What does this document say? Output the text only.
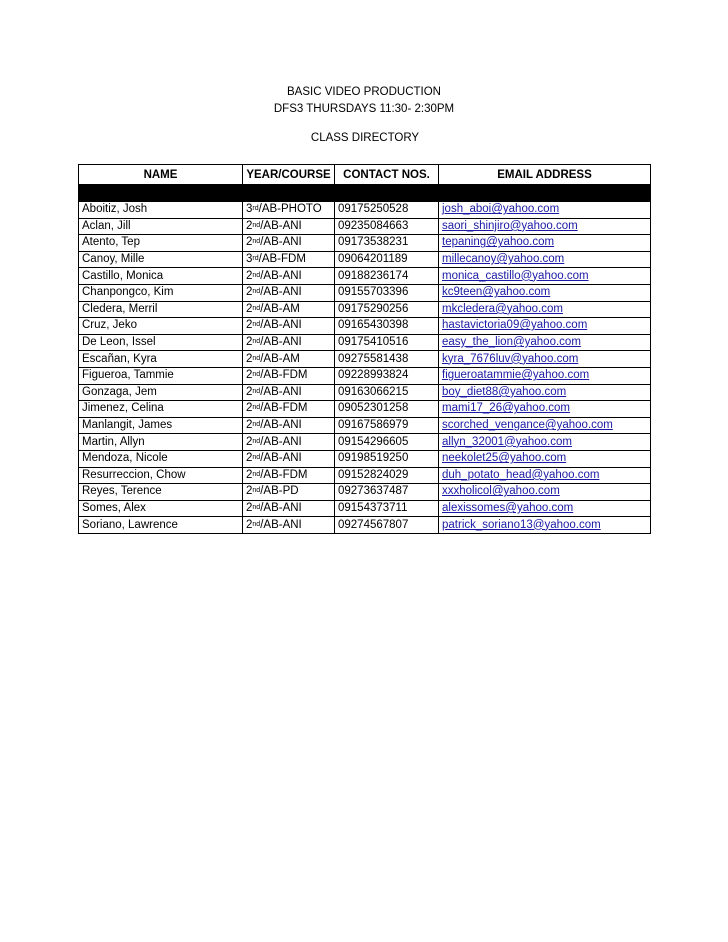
BASIC VIDEO PRODUCTION
DFS3 THURSDAYS 11:30- 2:30PM
CLASS DIRECTORY
NAME	YEAR/COURSE	CONTACT NOS.	EMAIL ADDRESS

Aboitiz, Josh	3rd/AB-PHOTO	09175250528	josh_aboi@yahoo.com
Aclan, Jill	2nd/AB-ANI	09235084663	saori_shinjiro@yahoo.com
Atento, Tep	2nd/AB-ANI	09173538231	tepaning@yahoo.com
Canoy, Mille	3rd/AB-FDM	09064201189	millecanoy@yahoo.com
Castillo, Monica	2nd/AB-ANI	09188236174	monica_castillo@yahoo.com
Chanpongco, Kim	2nd/AB-ANI	09155703396	kc9teen@yahoo.com
Cledera, Merril	2nd/AB-AM	09175290256	mkcledera@yahoo.com
Cruz, Jeko	2nd/AB-ANI	09165430398	hastavictoria09@yahoo.com
De Leon, Issel	2nd/AB-ANI	09175410516	easy_the_lion@yahoo.com
Escañan, Kyra	2nd/AB-AM	09275581438	kyra_7676luv@yahoo.com
Figueroa, Tammie	2nd/AB-FDM	09228993824	figueroatammie@yahoo.com
Gonzaga, Jem	2nd/AB-ANI	09163066215	boy_diet88@yahoo.com
Jimenez, Celina	2nd/AB-FDM	09052301258	mami17_26@yahoo.com
Manlangit, James	2nd/AB-ANI	09167586979	scorched_vengance@yahoo.com
Martin, Allyn	2nd/AB-ANI	09154296605	allyn_32001@yahoo.com
Mendoza, Nicole	2nd/AB-ANI	09198519250	neekolet25@yahoo.com
Resurreccion, Chow	2nd/AB-FDM	09152824029	duh_potato_head@yahoo.com
Reyes, Terence	2nd/AB-PD	09273637487	xxxholicol@yahoo.com
Somes, Alex	2nd/AB-ANI	09154373711	alexissomes@yahoo.com
Soriano, Lawrence	2nd/AB-ANI	09274567807	patrick_soriano13@yahoo.com
